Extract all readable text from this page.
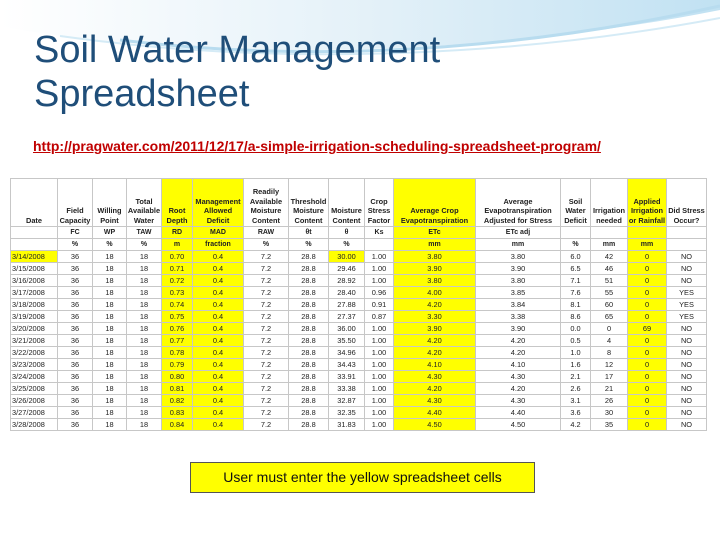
Soil Water Management
Spreadsheet
http://pragwater.com/2011/12/17/a-simple-irrigation-scheduling-spreadsheet-program/
Date	Field Capacity	Willing Point	Total Available Water	Root Depth	Management Allowed Deficit	Readily Available Moisture Content	Threshold Moisture Content	Moisture Content	Crop Stress Factor	Average Crop Evapotranspiration	Average Evapotranspiration Adjusted for Stress	Soil Water Deficit	Irrigation needed	Applied Irrigation or Rainfall	Did Stress Occur?
	FC	WP	TAW	RD	MAD	RAW	θt	θ	Ks	ETc	ETc adj				
	%	%	%	m	fraction	%	%	%		mm	mm	%	mm	mm	
3/14/2008	36	18	18	0.70	0.4	7.2	28.8	30.00	1.00	3.80	3.80	6.0	42	0	NO
3/15/2008	36	18	18	0.71	0.4	7.2	28.8	29.46	1.00	3.90	3.90	6.5	46	0	NO
3/16/2008	36	18	18	0.72	0.4	7.2	28.8	28.92	1.00	3.80	3.80	7.1	51	0	NO
3/17/2008	36	18	18	0.73	0.4	7.2	28.8	28.40	0.96	4.00	3.85	7.6	55	0	YES
3/18/2008	36	18	18	0.74	0.4	7.2	28.8	27.88	0.91	4.20	3.84	8.1	60	0	YES
3/19/2008	36	18	18	0.75	0.4	7.2	28.8	27.37	0.87	3.30	3.38	8.6	65	0	YES
3/20/2008	36	18	18	0.76	0.4	7.2	28.8	36.00	1.00	3.90	3.90	0.0	0	69	NO
3/21/2008	36	18	18	0.77	0.4	7.2	28.8	35.50	1.00	4.20	4.20	0.5	4	0	NO
3/22/2008	36	18	18	0.78	0.4	7.2	28.8	34.96	1.00	4.20	4.20	1.0	8	0	NO
3/23/2008	36	18	18	0.79	0.4	7.2	28.8	34.43	1.00	4.10	4.10	1.6	12	0	NO
3/24/2008	36	18	18	0.80	0.4	7.2	28.8	33.91	1.00	4.30	4.30	2.1	17	0	NO
3/25/2008	36	18	18	0.81	0.4	7.2	28.8	33.38	1.00	4.20	4.20	2.6	21	0	NO
3/26/2008	36	18	18	0.82	0.4	7.2	28.8	32.87	1.00	4.30	4.30	3.1	26	0	NO
3/27/2008	36	18	18	0.83	0.4	7.2	28.8	32.35	1.00	4.40	4.40	3.6	30	0	NO
3/28/2008	36	18	18	0.84	0.4	7.2	28.8	31.83	1.00	4.50	4.50	4.2	35	0	NO
User must enter the yellow spreadsheet cells
